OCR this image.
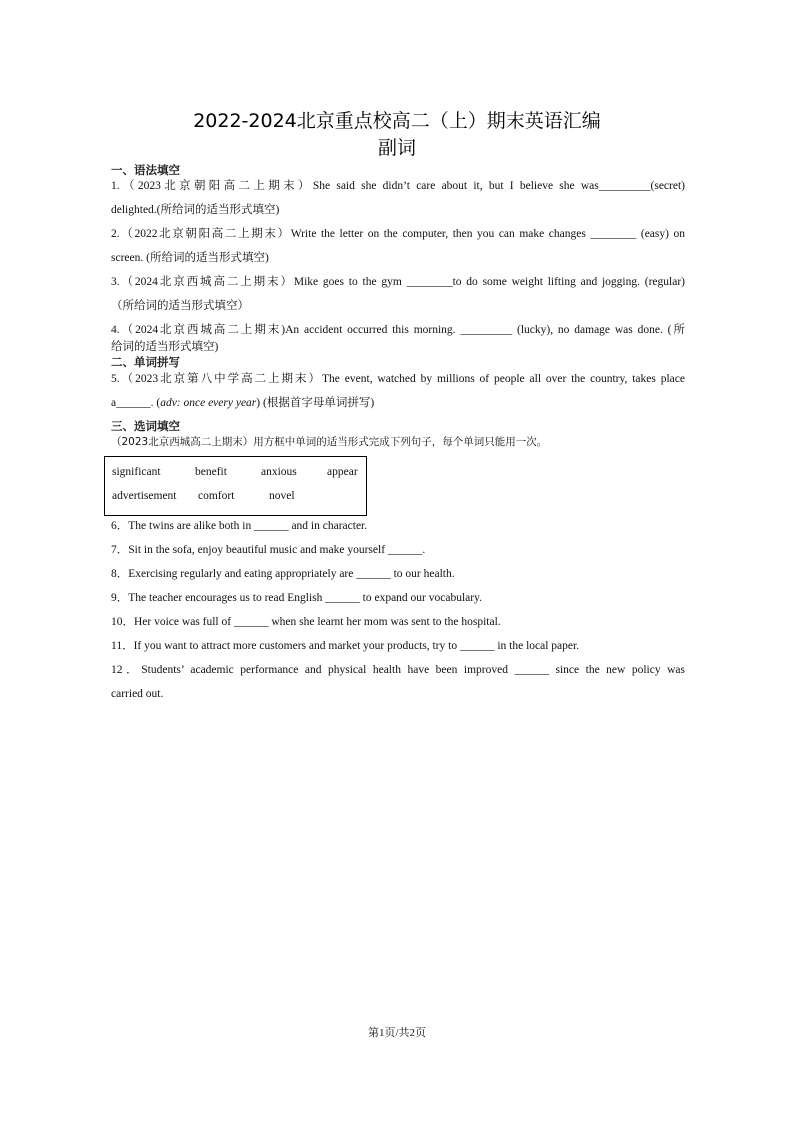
2022-2024北京重点校高二（上）期末英语汇编
副词
一、语法填空
1.（2023北京朝阳高二上期末）She said she didn’t care about it, but I believe she was_________(secret)
delighted.(所给词的适当形式填空)
2.（2022北京朝阳高二上期末）Write the letter on the computer, then you can make changes ________ (easy) on
screen. (所给词的适当形式填空)
3.（2024北京西城高二上期末）Mike goes to the gym ________to do some weight lifting and jogging. (regular)
（所给词的适当形式填空）
4.（2024北京西城高二上期末)An accident occurred this morning. _________ (lucky), no damage was done. (所
给词的适当形式填空)
二、单词拼写
5.（2023北京第八中学高二上期末）The event, watched by millions of people all over the country, takes place
a______. (adv: once every year) (根据首字母单词拼写)
三、选词填空
（2023北京西城高二上期末）用方框中单词的适当形式完成下列句子，每个单词只能用一次。
significant	benefit	anxious	appear
advertisement comfort	novel
6．The twins are alike both in ______ and in character.
7．Sit in the sofa, enjoy beautiful music and make yourself ______.
8．Exercising regularly and eating appropriately are ______ to our health.
9．The teacher encourages us to read English ______ to expand our vocabulary.
10．Her voice was full of ______ when she learnt her mom was sent to the hospital.
11．If you want to attract more customers and market your products, try to ______ in the local paper.
12．Students’ academic performance and physical health have been improved ______ since the new policy was
carried out.
第1页/共2页
